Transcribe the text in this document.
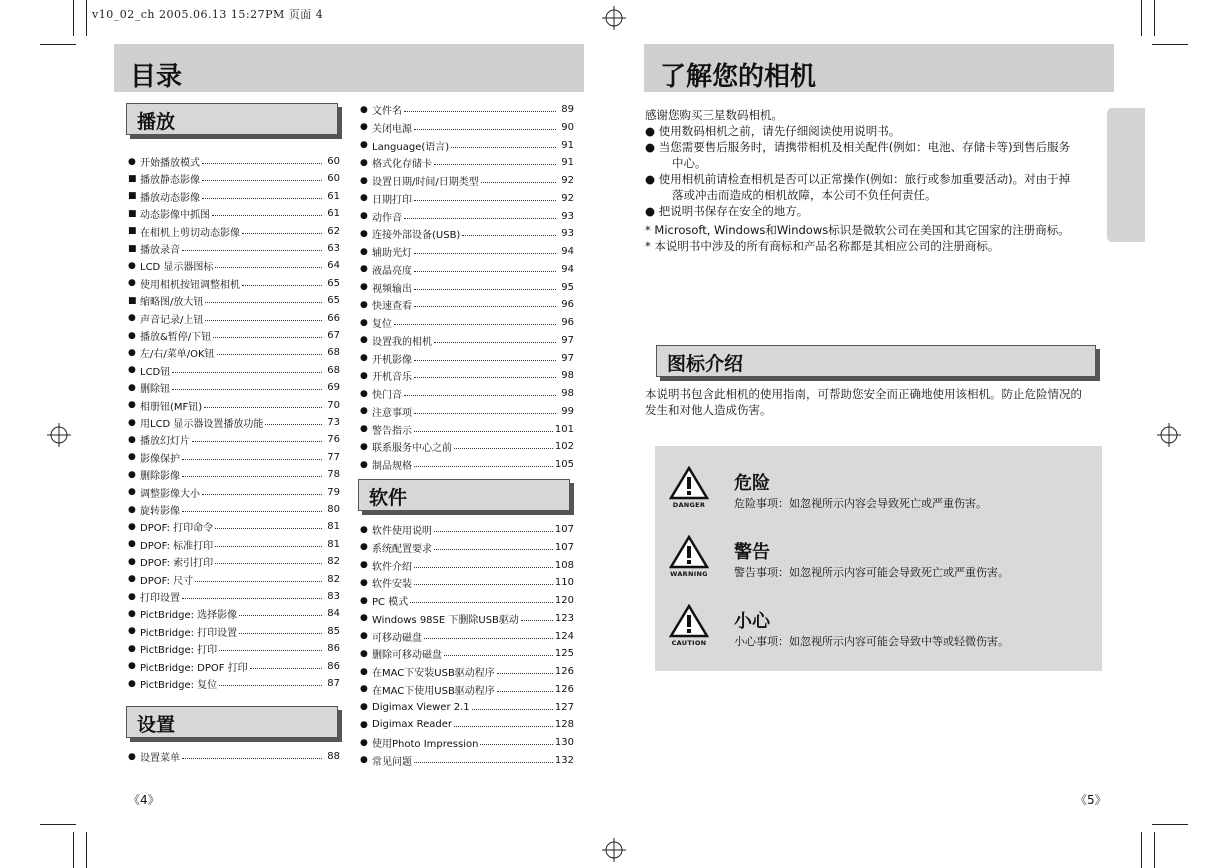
v10_02_ch 2005.06.13 15:27PM 页面 4
目录
播放
● 开始播放模式	60
■ 播放静态影像	60
■ 播放动态影像	61
■ 动态影像中抓图	61
■ 在相机上剪切动态影像	62
■ 播放录音	63
● LCD 显示器图标	64
● 使用相机按钮调整相机	65
■ 缩略图/放大钮	65
● 声音记录/上钮	66
● 播放&暂停/下钮	67
● 左/右/菜单/OK钮	68
● LCD钮	68
● 删除钮	69
● 相册钮(MF钮)	70
● 用LCD 显示器设置播放功能	73
● 播放幻灯片	76
● 影像保护	77
● 删除影像	78
● 调整影像大小	79
● 旋转影像	80
● DPOF: 打印命令	81
● DPOF: 标准打印	81
● DPOF: 索引打印	82
● DPOF: 尺寸	82
● 打印设置	83
● PictBridge: 选择影像	84
● PictBridge: 打印设置	85
● PictBridge: 打印	86
● PictBridge: DPOF 打印	86
● PictBridge: 复位	87
设置
● 设置菜单	88
● 文件名	89
● 关闭电源	90
● Language(语言)	91
● 格式化存储卡	91
● 设置日期/时间/日期类型	92
● 日期打印	92
● 动作音	93
● 连接外部设备(USB)	93
● 辅助光灯	94
● 液晶亮度	94
● 视频输出	95
● 快速查看	96
● 复位	96
● 设置我的相机	97
● 开机影像	97
● 开机音乐	98
● 快门音	98
● 注意事项	99
● 警告指示	101
● 联系服务中心之前	102
● 制品规格	105
软件
● 软件使用说明	107
● 系统配置要求	107
● 软件介绍	108
● 软件安装	110
● PC 模式	120
● Windows 98SE 下删除USB驱动	123
● 可移动磁盘	124
● 删除可移动磁盘	125
● 在MAC下安装USB驱动程序	126
● 在MAC下使用USB驱动程序	126
● Digimax Viewer 2.1	127
● Digimax Reader	128
● 使用Photo Impression	130
● 常见问题	132
《4》
了解您的相机

感谢您购买三星数码相机。

● 使用数码相机之前，请先仔细阅读使用说明书。

● 当您需要售后服务时，请携带相机及相关配件(例如：电池、存储卡等)到售后服务

中心。

● 使用相机前请检查相机是否可以正常操作(例如：旅行或参加重要活动)。对由于掉

落或冲击而造成的相机故障，本公司不负任何责任。

● 把说明书保存在安全的地方。

* Microsoft, Windows和Windows标识是微软公司在美国和其它国家的注册商标。

* 本说明书中涉及的所有商标和产品名称都是其相应公司的注册商标。

图标介绍

本说明书包含此相机的使用指南，可帮助您安全而正确地使用该相机。防止危险情况的

发生和对他人造成伤害。

DANGER
危险
危险事项：如忽视所示内容会导致死亡或严重伤害。
WARNING
警告
警告事项：如忽视所示内容可能会导致死亡或严重伤害。
CAUTION
小心
小心事项：如忽视所示内容可能会导致中等或轻微伤害。
《5》
